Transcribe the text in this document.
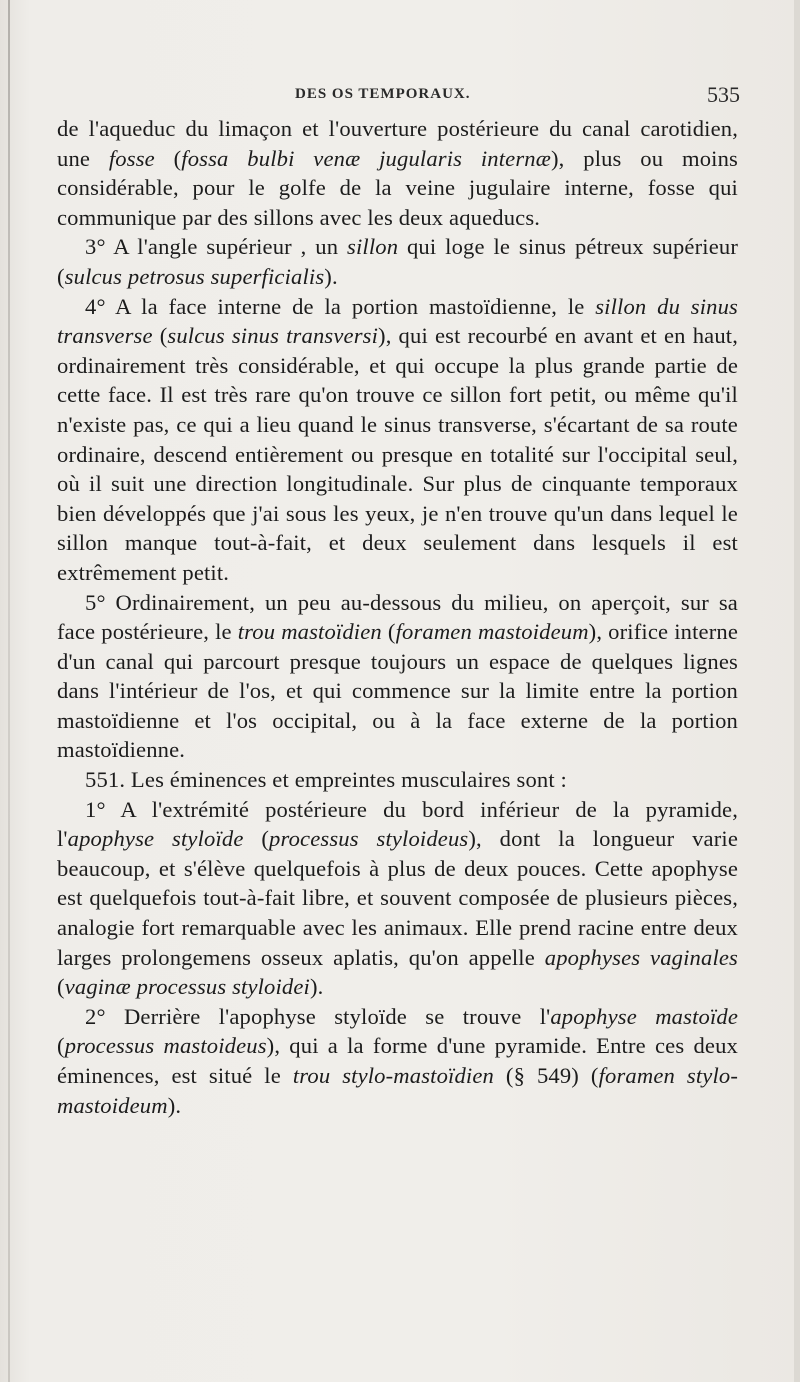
DES OS TEMPORAUX.	535

de l'aqueduc du limaçon et l'ouverture postérieure du canal carotidien, une fosse (fossa bulbi venæ jugularis internæ), plus ou moins considérable, pour le golfe de la veine jugulaire interne, fosse qui communique par des sillons avec les deux aqueducs.

3° A l'angle supérieur , un sillon qui loge le sinus pétreux supérieur (sulcus petrosus superficialis).

4° A la face interne de la portion mastoïdienne, le sillon du sinus transverse (sulcus sinus transversi), qui est recourbé en avant et en haut, ordinairement très considérable, et qui occupe la plus grande partie de cette face. Il est très rare qu'on trouve ce sillon fort petit, ou même qu'il n'existe pas, ce qui a lieu quand le sinus transverse, s'écartant de sa route ordinaire, descend entièrement ou presque en totalité sur l'occipital seul, où il suit une direction longitudinale. Sur plus de cinquante temporaux bien développés que j'ai sous les yeux, je n'en trouve qu'un dans lequel le sillon manque tout-à-fait, et deux seulement dans lesquels il est extrêmement petit.

5° Ordinairement, un peu au-dessous du milieu, on aperçoit, sur sa face postérieure, le trou mastoïdien (foramen mastoideum), orifice interne d'un canal qui parcourt presque toujours un espace de quelques lignes dans l'intérieur de l'os, et qui commence sur la limite entre la portion mastoïdienne et l'os occipital, ou à la face externe de la portion mastoïdienne.

551. Les éminences et empreintes musculaires sont :

1° A l'extrémité postérieure du bord inférieur de la pyramide, l'apophyse styloïde (processus styloideus), dont la longueur varie beaucoup, et s'élève quelquefois à plus de deux pouces. Cette apophyse est quelquefois tout-à-fait libre, et souvent composée de plusieurs pièces, analogie fort remarquable avec les animaux. Elle prend racine entre deux larges prolongemens osseux aplatis, qu'on appelle apophyses vaginales (vaginæ processus styloidei).

2° Derrière l'apophyse styloïde se trouve l'apophyse mastoïde (processus mastoideus), qui a la forme d'une pyramide. Entre ces deux éminences, est situé le trou stylo-mastoïdien (§ 549) (foramen stylo-mastoideum).
